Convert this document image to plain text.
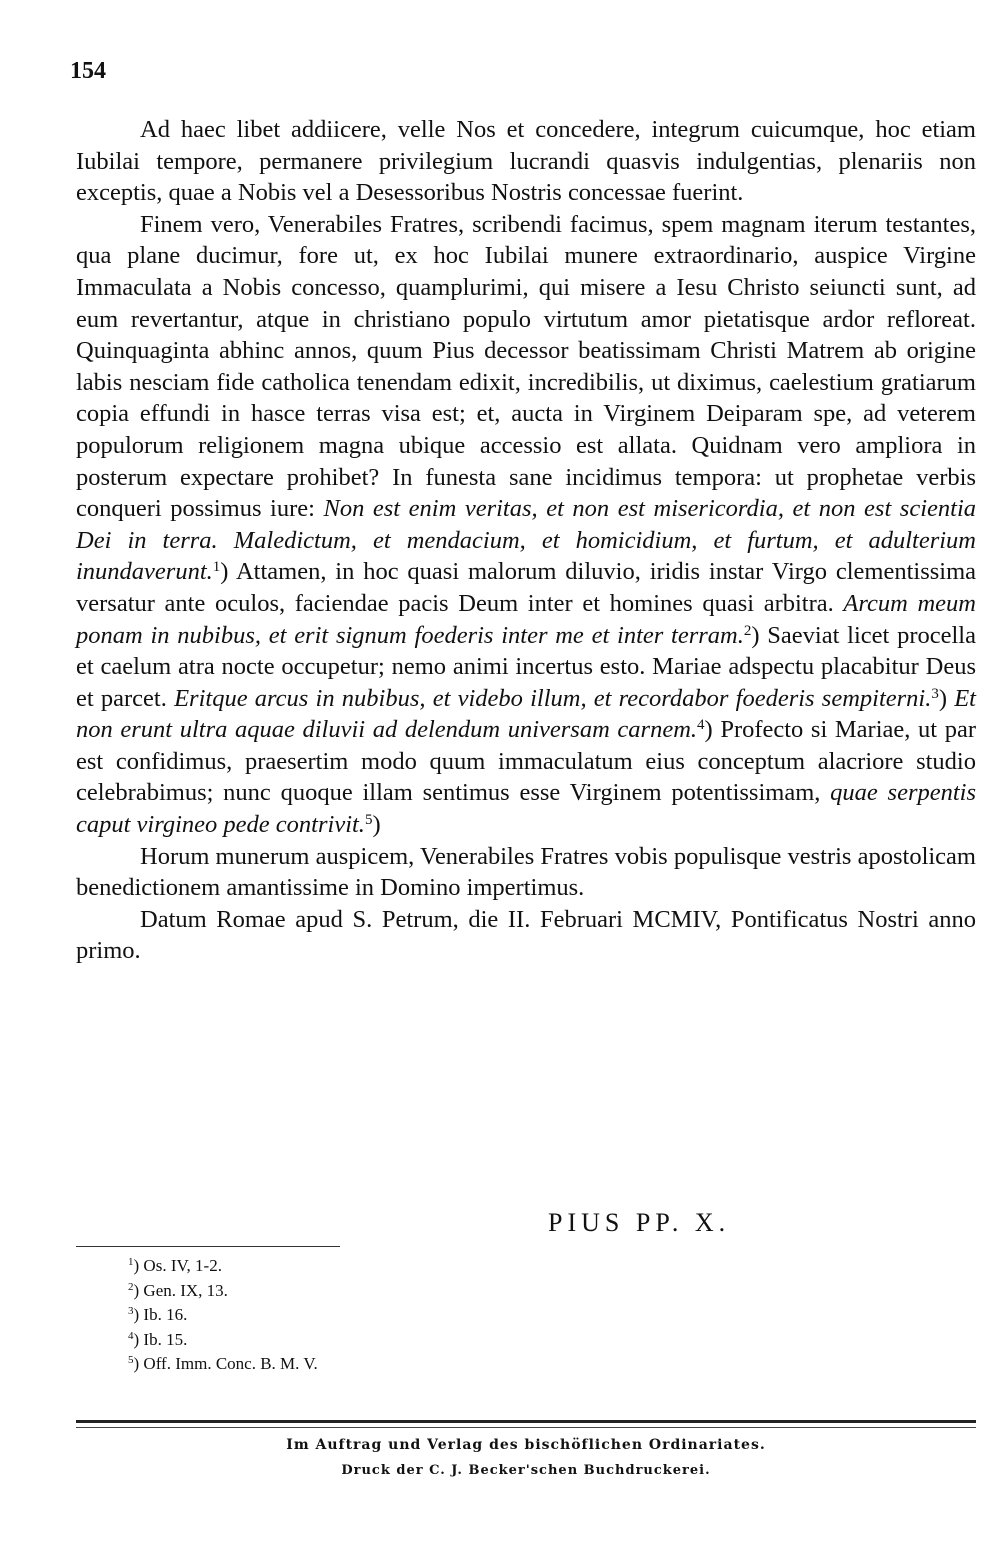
154

Ad haec libet addiicere, velle Nos et concedere, integrum cuicumque, hoc etiam Iubilai tempore, permanere privilegium lucrandi quasvis indulgentias, plenariis non exceptis, quae a Nobis vel a Desessoribus Nostris concessae fuerint.

Finem vero, Venerabiles Fratres, scribendi facimus, spem magnam iterum testantes, qua plane ducimur, fore ut, ex hoc Iubilai munere extraordinario, auspice Virgine Immaculata a Nobis concesso, quamplurimi, qui misere a Iesu Christo seiuncti sunt, ad eum revertantur, atque in christiano populo virtutum amor pietatisque ardor refloreat. Quinquaginta abhinc annos, quum Pius decessor beatissimam Christi Matrem ab origine labis nesciam fide catholica tenendam edixit, incredibilis, ut diximus, caelestium gratiarum copia effundi in hasce terras visa est; et, aucta in Virginem Deiparam spe, ad veterem populorum religionem magna ubique accessio est allata. Quidnam vero ampliora in posterum expectare prohibet? In funesta sane incidimus tempora: ut prophetae verbis conqueri possimus iure: Non est enim veritas, et non est misericordia, et non est scientia Dei in terra. Maledictum, et mendacium, et homicidium, et furtum, et adulterium inundaverunt.$^1$) Attamen, in hoc quasi malorum diluvio, iridis instar Virgo clementissima versatur ante oculos, faciendae pacis Deum inter et homines quasi arbitra. Arcum meum ponam in nubibus, et erit signum foederis inter me et inter terram.$^2$) Saeviat licet procella et caelum atra nocte occupetur; nemo animi incertus esto. Mariae adspectu placabitur Deus et parcet. Eritque arcus in nubibus, et videbo illum, et recordabor foederis sempiterni.$^3$) Et non erunt ultra aquae diluvii ad delendum universam carnem.$^4$) Profecto si Mariae, ut par est confidimus, praesertim modo quum immaculatum eius conceptum alacriore studio celebrabimus; nunc quoque illam sentimus esse Virginem potentissimam, quae serpentis caput virgineo pede contrivit.$^5$)

Horum munerum auspicem, Venerabiles Fratres vobis populisque vestris apostolicam benedictionem amantissime in Domino impertimus.

Datum Romae apud S. Petrum, die II. Februari MCMIV, Pontificatus Nostri anno primo.

PIUS PP. X.
$^1$) Os. IV, 1-2.
$^2$) Gen. IX, 13.
$^3$) Ib. 16.
$^4$) Ib. 15.
$^5$) Off. Imm. Conc. B. M. V.
Im Auftrag und Verlag des bischöflichen Ordinariates.
Druck der C. J. Becker'schen Buchdruckerei.
